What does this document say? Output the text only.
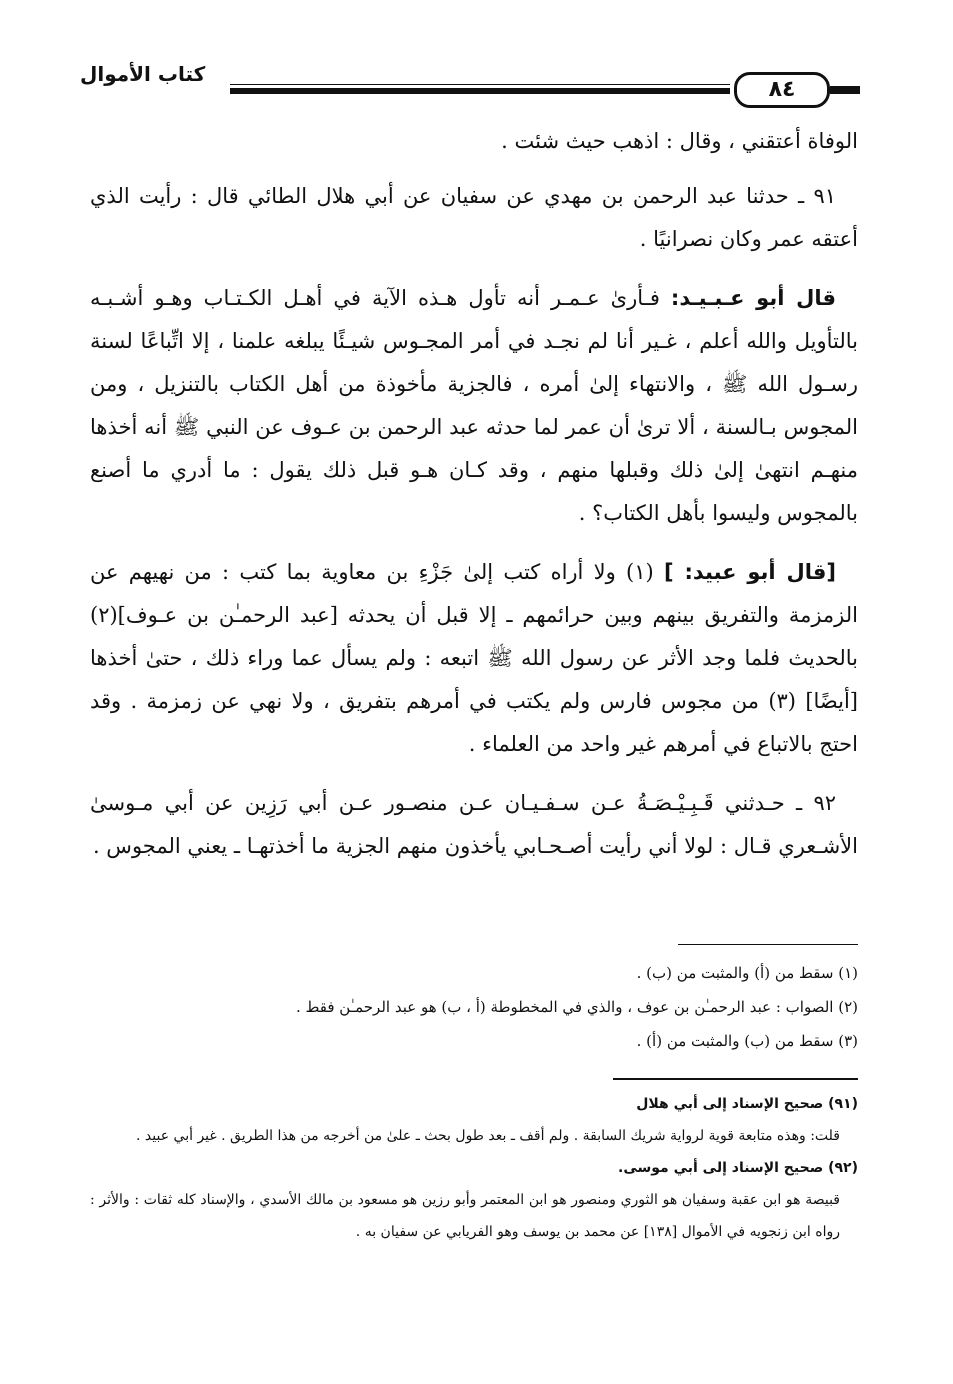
كتاب الأموال
٨٤

الوفاة أعتقني ، وقال : اذهب حيث شئت .

٩١ ـ حدثنا عبد الرحمن بن مهدي عن سفيان عن أبي هلال الطائي قال : رأيت الذي أعتقه عمر وكان نصرانيًا .

قال أبو عـبـيـد: فـأرىٰ عـمـر أنه تأول هـذه الآية في أهـل الكـتـاب وهـو أشـبـه بالتأويل والله أعلم ، غـير أنا لم نجـد في أمر المجـوس شيـئًا يبلغه علمنا ، إلا اتِّباعًا لسنة رسـول الله ﷺ ، والانتهاء إلىٰ أمره ، فالجزية مأخوذة من أهل الكتاب بالتنزيل ، ومن المجوس بـالسنة ، ألا ترىٰ أن عمر لما حدثه عبد الرحمن بن عـوف عن النبي ﷺ أنه أخذها منهـم انتهىٰ إلىٰ ذلك وقبلها منهم ، وقد كـان هـو قبل ذلك يقول : ما أدري ما أصنع بالمجوس وليسوا بأهل الكتاب؟ .

[قال أبو عبيد: ] (١) ولا أراه كتب إلىٰ جَزْءِ بن معاوية بما كتب : من نهيهم عن الزمزمة والتفريق بينهم وبين حرائمهم ـ إلا قبل أن يحدثه [عبد الرحمـٰن بن عـوف](٢) بالحديث فلما وجد الأثر عن رسول الله ﷺ اتبعه : ولم يسأل عما وراء ذلك ، حتىٰ أخذها [أيضًا] (٣) من مجوس فارس ولم يكتب في أمرهم بتفريق ، ولا نهي عن زمزمة . وقد احتج بالاتباع في أمرهم غير واحد من العلماء .

٩٢ ـ حـدثني قَـبِـيْـصَـةُ عـن سـفـيـان عـن منصـور عـن أبي رَزِين عن أبي مـوسىٰ الأشـعري قـال : لولا أني رأيت أصـحـابي يأخذون منهم الجزية ما أخذتهـا ـ يعني المجوس .

(١) سقط من (أ) والمثبت من (ب) .

(٢) الصواب : عبد الرحمـٰن بن عوف ، والذي في المخطوطة (أ ، ب) هو عبد الرحمـٰن فقط .

(٣) سقط من (ب) والمثبت من (أ) .

(٩١) صحيح الإسناد إلى أبي هلال

قلت: وهذه متابعة قوية لرواية شريك السابقة . ولم أقف ـ بعد طول بحث ـ علىٰ من أخرجه من هذا الطريق . غير أبي عبيد .

(٩٢) صحيح الإسناد إلى أبي موسى.

قبيصة هو ابن عقبة وسفيان هو الثوري ومنصور هو ابن المعتمر وأبو رزين هو مسعود بن مالك الأسدي ، والإسناد كله ثقات : والأثر : رواه ابن زنجويه في الأموال [١٣٨] عن محمد بن يوسف وهو الفريابي عن سفيان به .
